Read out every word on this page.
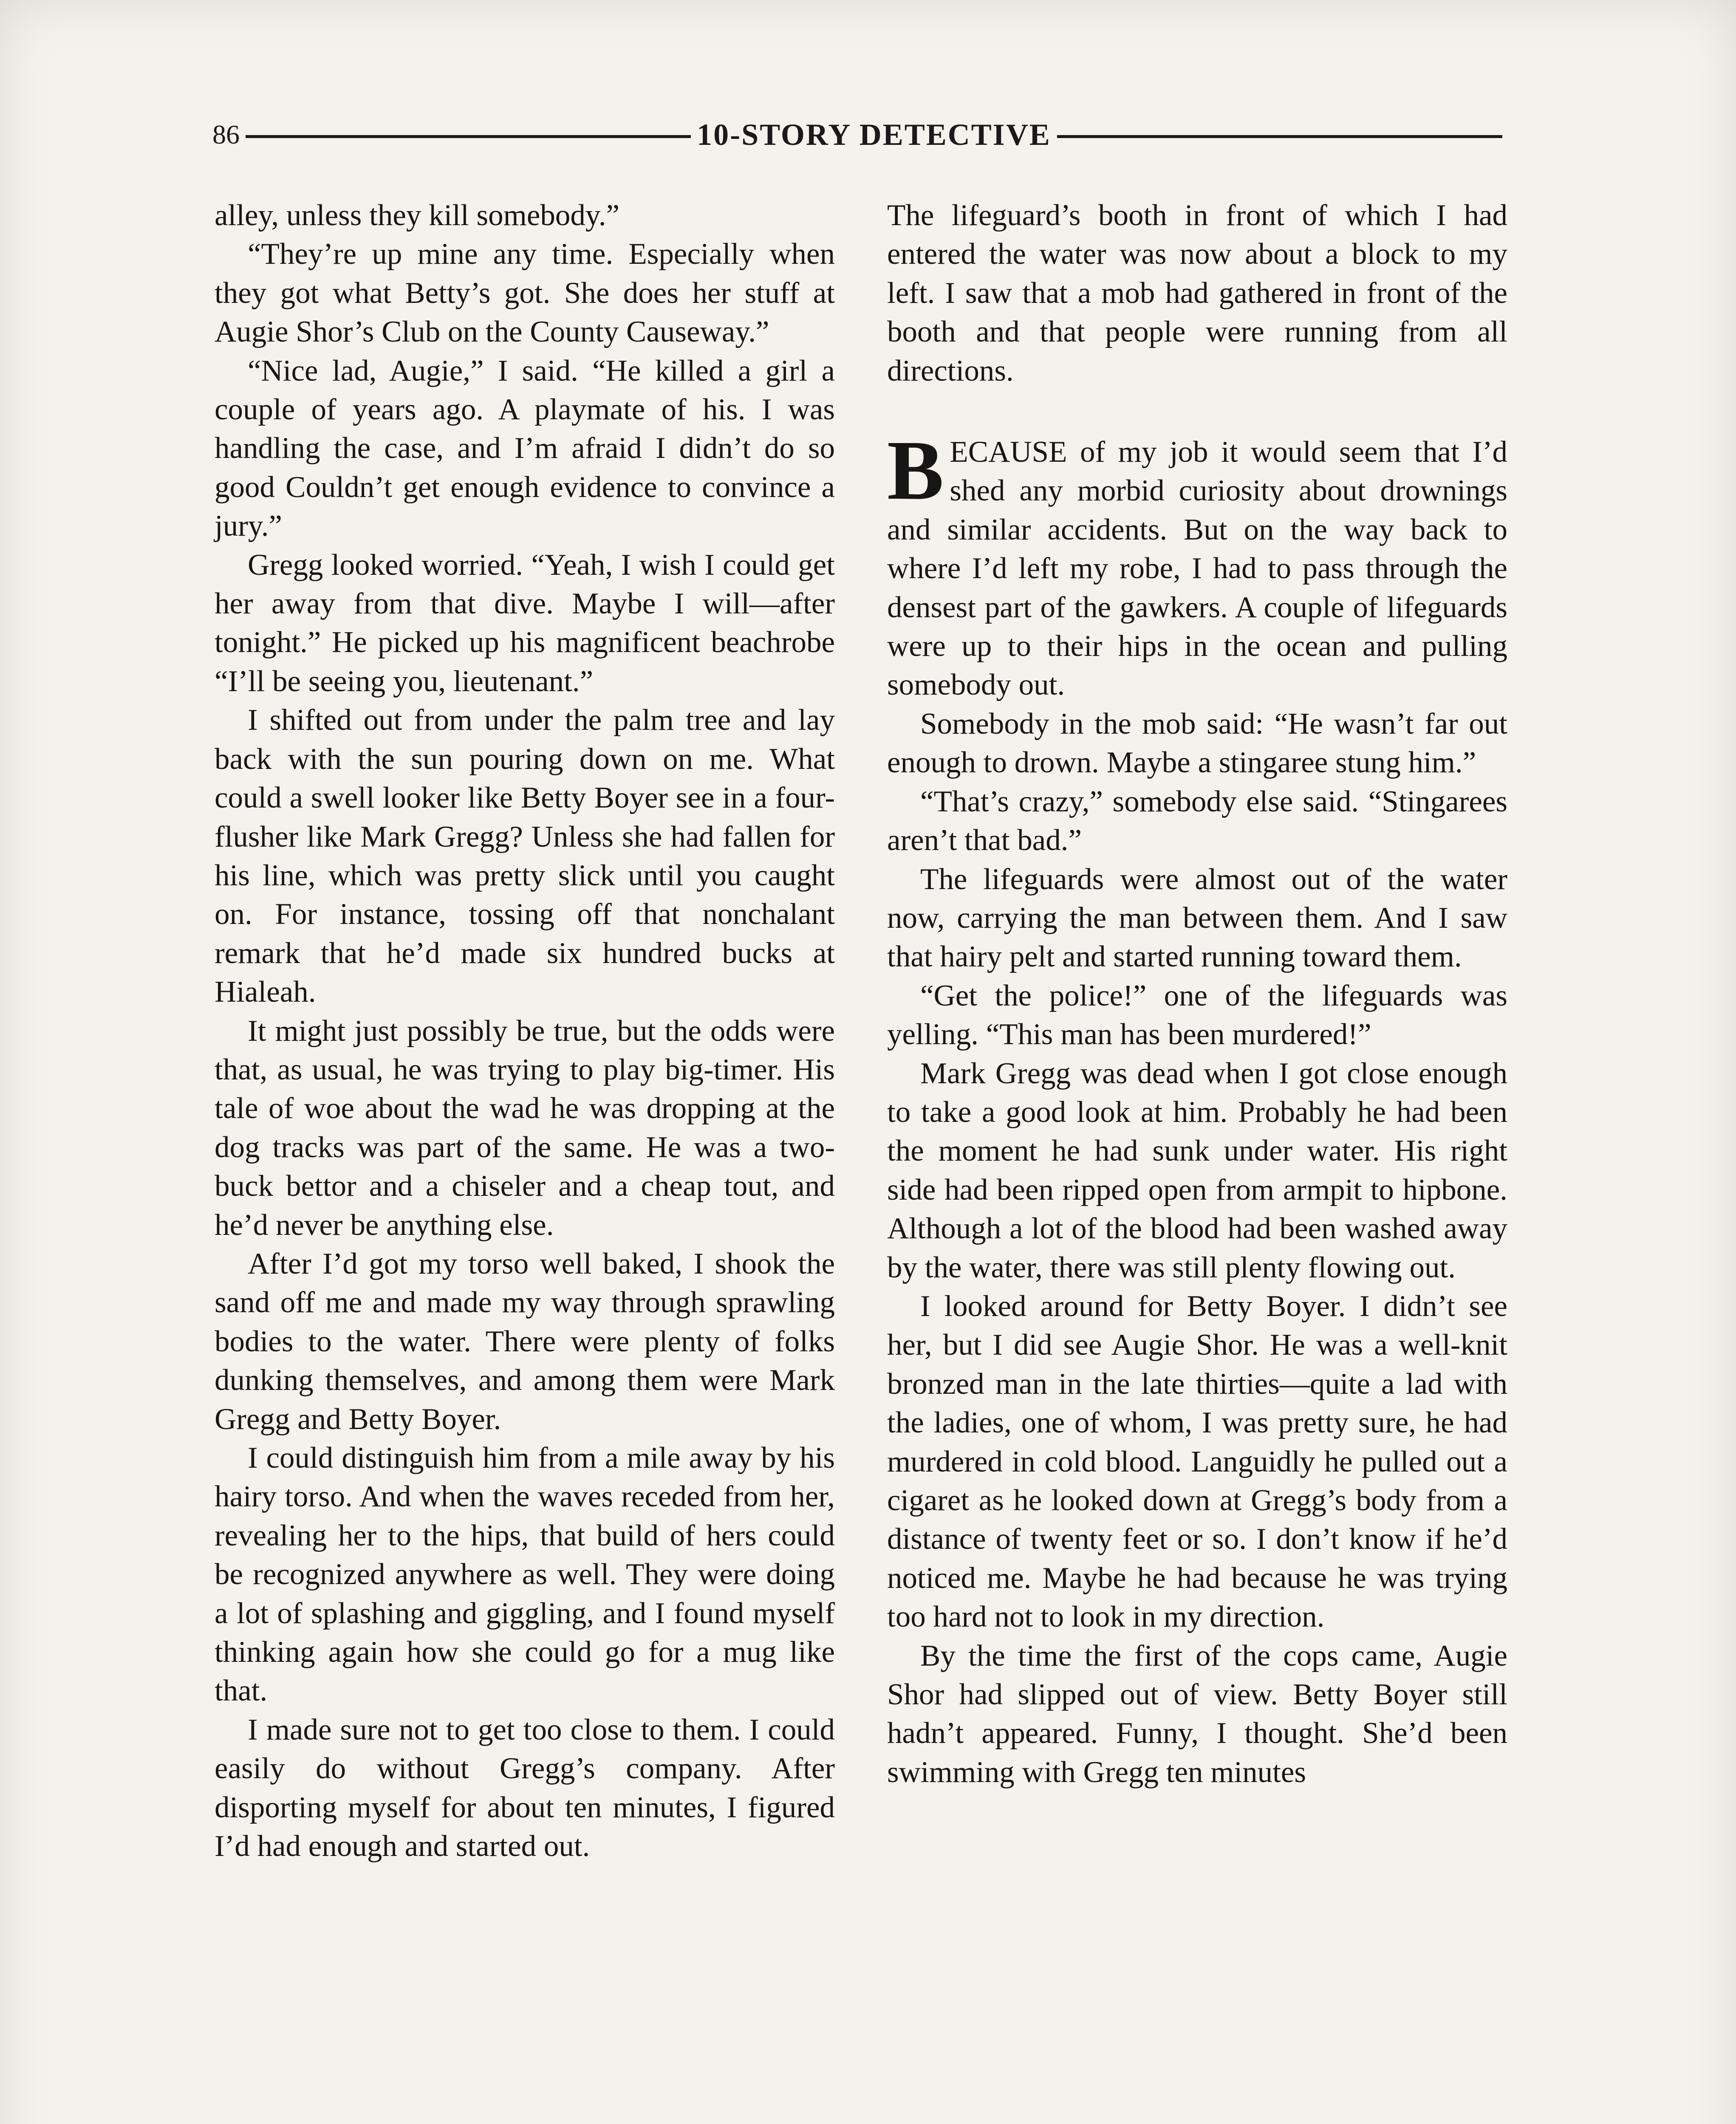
86	10-STORY DETECTIVE

alley, unless they kill somebody.”

“They’re up mine any time. Especially when they got what Betty’s got. She does her stuff at Augie Shor’s Club on the County Causeway.”

“Nice lad, Augie,” I said. “He killed a girl a couple of years ago. A playmate of his. I was handling the case, and I’m afraid I didn’t do so good Couldn’t get enough evidence to convince a jury.”

Gregg looked worried. “Yeah, I wish I could get her away from that dive. Maybe I will—after tonight.” He picked up his magnificent beachrobe “I’ll be seeing you, lieutenant.”

I shifted out from under the palm tree and lay back with the sun pouring down on me. What could a swell looker like Betty Boyer see in a four-flusher like Mark Gregg? Unless she had fallen for his line, which was pretty slick until you caught on. For instance, tossing off that nonchalant remark that he’d made six hundred bucks at Hialeah.

It might just possibly be true, but the odds were that, as usual, he was trying to play big-timer. His tale of woe about the wad he was dropping at the dog tracks was part of the same. He was a two-buck bettor and a chiseler and a cheap tout, and he’d never be anything else.

After I’d got my torso well baked, I shook the sand off me and made my way through sprawling bodies to the water. There were plenty of folks dunking themselves, and among them were Mark Gregg and Betty Boyer.

I could distinguish him from a mile away by his hairy torso. And when the waves receded from her, revealing her to the hips, that build of hers could be recognized anywhere as well. They were doing a lot of splashing and giggling, and I found myself thinking again how she could go for a mug like that.

I made sure not to get too close to them. I could easily do without Gregg’s company. After disporting myself for about ten minutes, I figured I’d had enough and started out.

The lifeguard’s booth in front of which I had entered the water was now about a block to my left. I saw that a mob had gathered in front of the booth and that people were running from all directions.

BECAUSE of my job it would seem that I’d shed any morbid curiosity about drownings and similar accidents. But on the way back to where I’d left my robe, I had to pass through the densest part of the gawkers. A couple of lifeguards were up to their hips in the ocean and pulling somebody out.

Somebody in the mob said: “He wasn’t far out enough to drown. Maybe a stingaree stung him.”

“That’s crazy,” somebody else said. “Stingarees aren’t that bad.”

The lifeguards were almost out of the water now, carrying the man between them. And I saw that hairy pelt and started running toward them.

“Get the police!” one of the lifeguards was yelling. “This man has been murdered!”

Mark Gregg was dead when I got close enough to take a good look at him. Probably he had been the moment he had sunk under water. His right side had been ripped open from armpit to hipbone. Although a lot of the blood had been washed away by the water, there was still plenty flowing out.

I looked around for Betty Boyer. I didn’t see her, but I did see Augie Shor. He was a well-knit bronzed man in the late thirties—quite a lad with the ladies, one of whom, I was pretty sure, he had murdered in cold blood. Languidly he pulled out a cigaret as he looked down at Gregg’s body from a distance of twenty feet or so. I don’t know if he’d noticed me. Maybe he had because he was trying too hard not to look in my direction.

By the time the first of the cops came, Augie Shor had slipped out of view. Betty Boyer still hadn’t appeared. Funny, I thought. She’d been swimming with Gregg ten minutes
